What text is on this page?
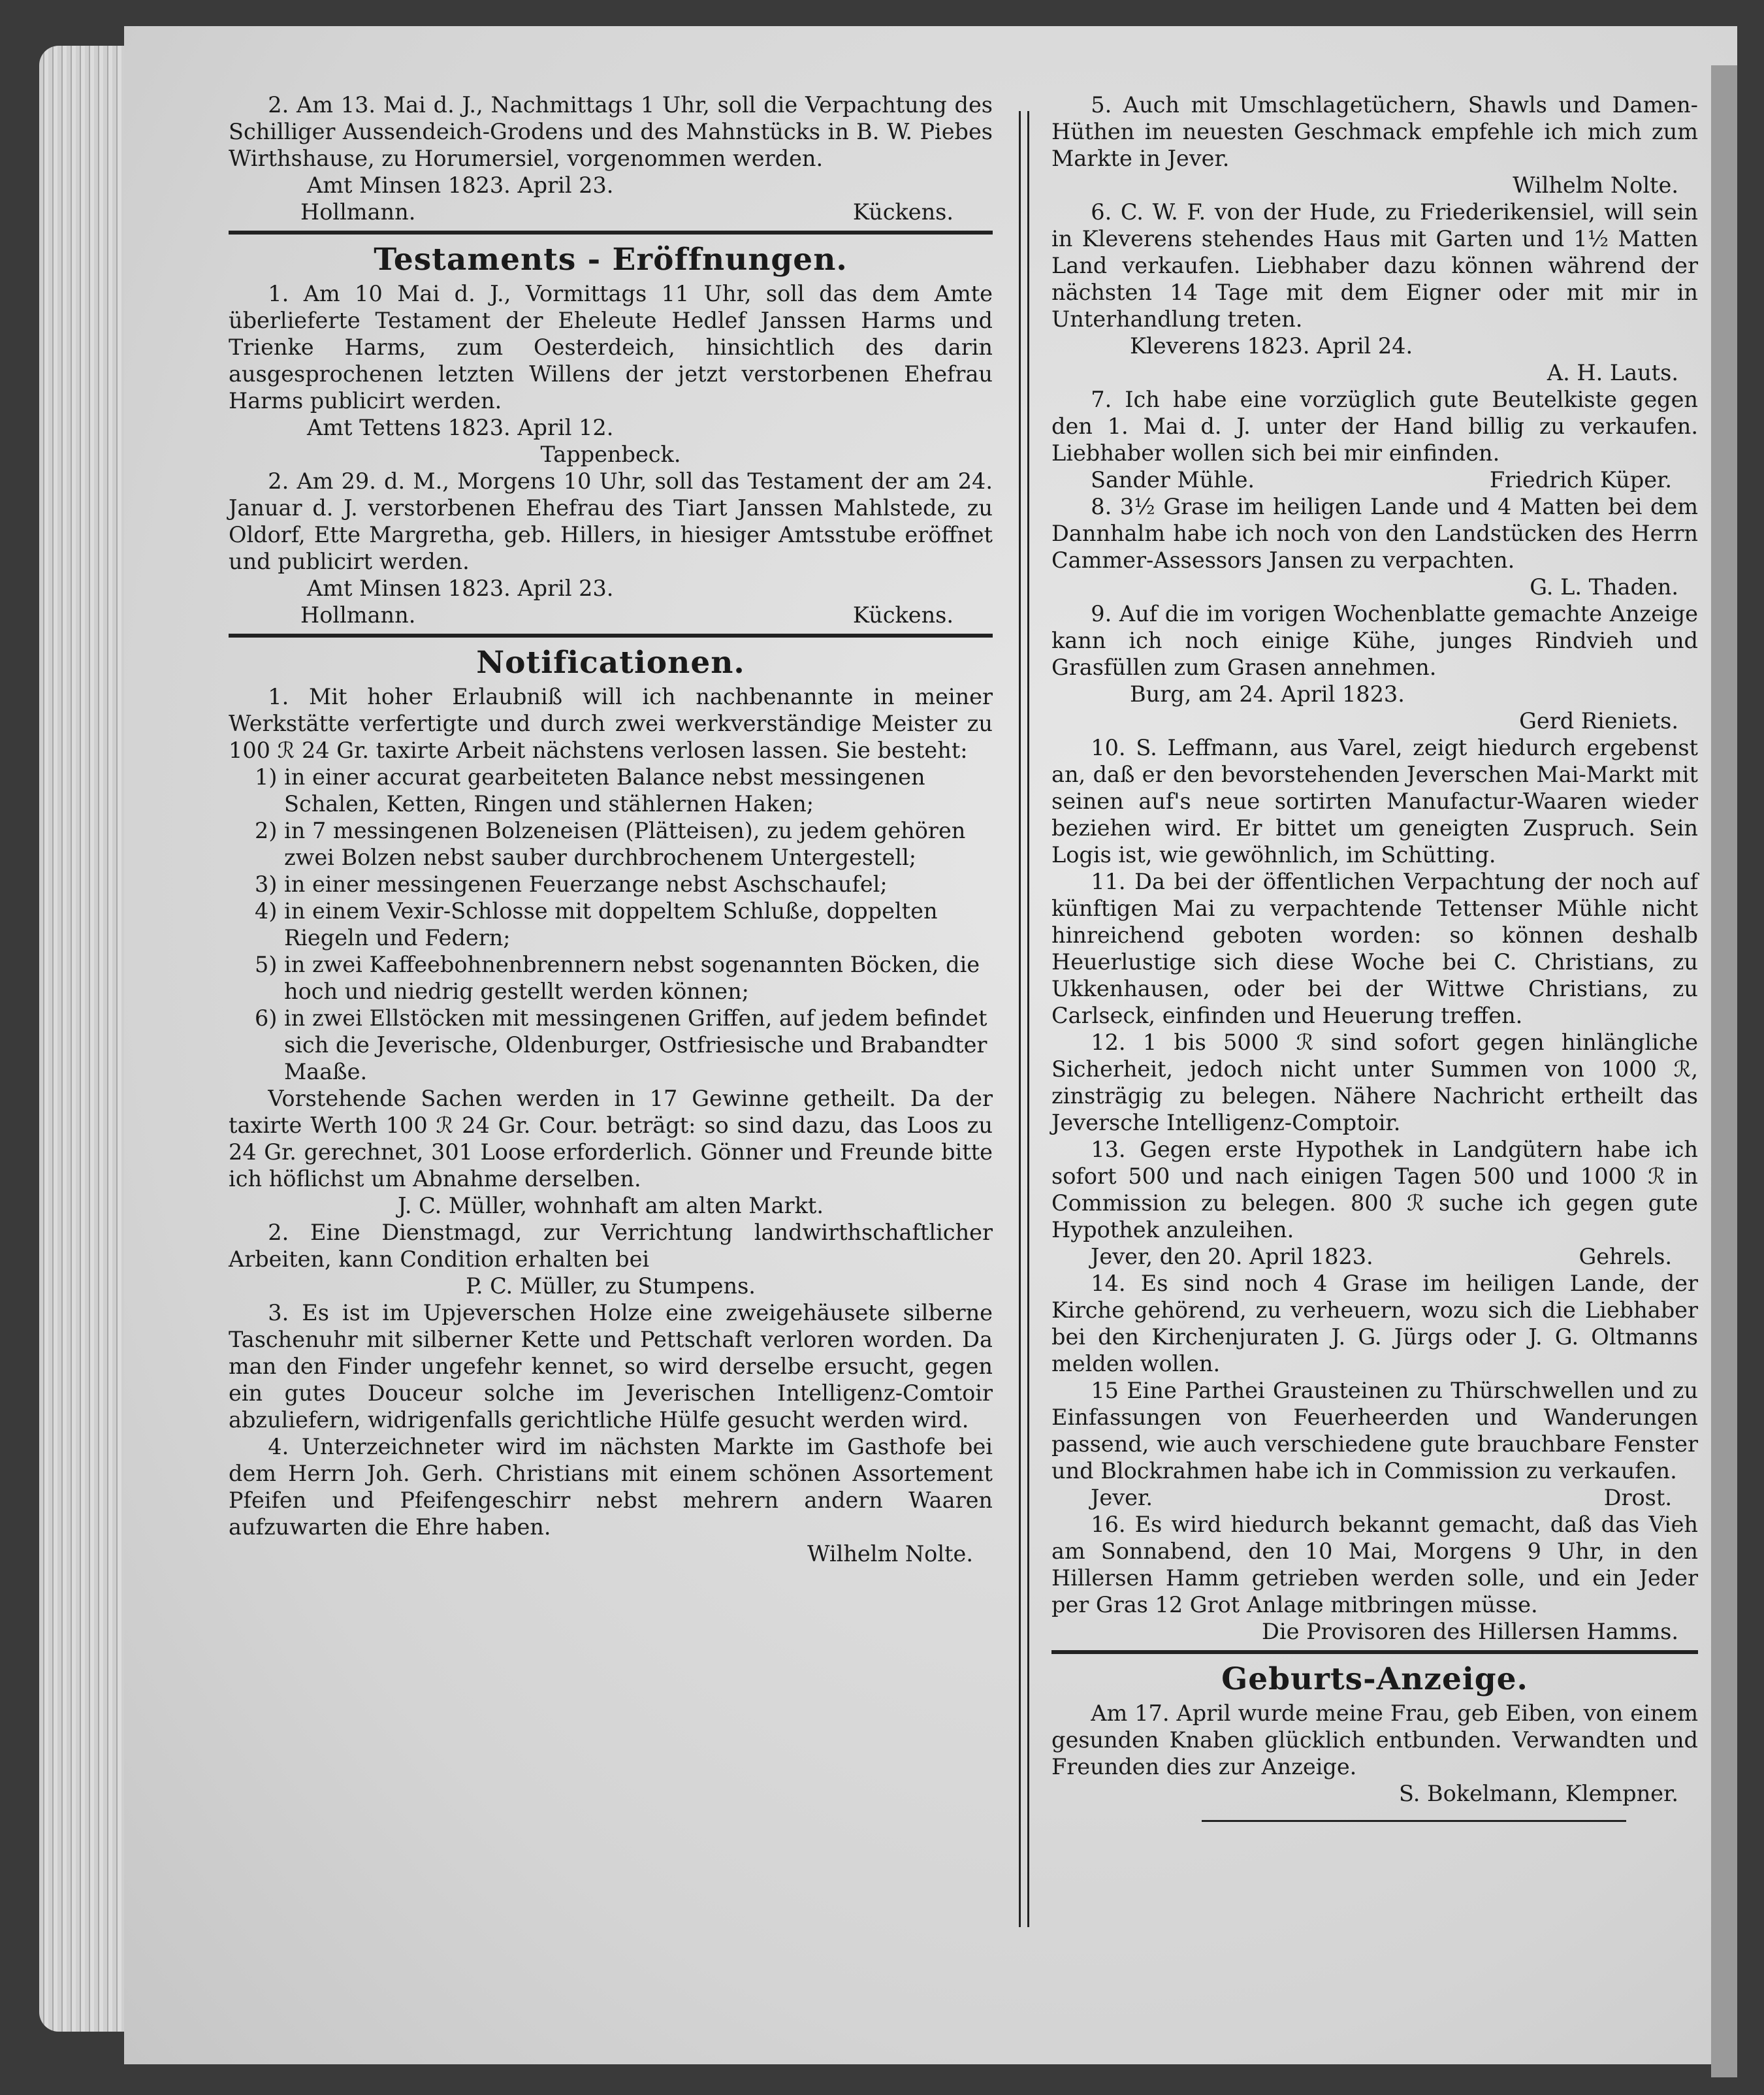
2. Am 13. Mai d. J., Nachmittags 1 Uhr, soll die Verpachtung des Schilliger Aussendeich-Grodens und des Mahnstücks in B. W. Piebes Wirthshause, zu Horumersiel, vorgenommen werden.

Amt Minsen 1823. April 23.

Hollmann.	Kückens.
Testaments - Eröffnungen.

1. Am 10 Mai d. J., Vormittags 11 Uhr, soll das dem Amte überlieferte Testament der Eheleute Hedlef Janssen Harms und Trienke Harms, zum Oesterdeich, hinsichtlich des darin ausgesprochenen letzten Willens der jetzt verstorbenen Ehefrau Harms publicirt werden.

Amt Tettens 1823. April 12.

Tappenbeck.

2. Am 29. d. M., Morgens 10 Uhr, soll das Testament der am 24. Januar d. J. verstorbenen Ehefrau des Tiart Janssen Mahlstede, zu Oldorf, Ette Margretha, geb. Hillers, in hiesiger Amtsstube eröffnet und publicirt werden.

Amt Minsen 1823. April 23.

Hollmann.	Kückens.
Notificationen.

1. Mit hoher Erlaubniß will ich nachbenannte in meiner Werkstätte verfertigte und durch zwei werkverständige Meister zu 100 ℛ 24 Gr. taxirte Arbeit nächstens verlosen lassen. Sie besteht:

1) in einer accurat gearbeiteten Balance nebst messingenen Schalen, Ketten, Ringen und stählernen Haken;

2) in 7 messingenen Bolzeneisen (Plätteisen), zu jedem gehören zwei Bolzen nebst sauber durchbrochenem Untergestell;

3) in einer messingenen Feuerzange nebst Aschschaufel;

4) in einem Vexir-Schlosse mit doppeltem Schluße, doppelten Riegeln und Federn;

5) in zwei Kaffeebohnenbrennern nebst sogenannten Böcken, die hoch und niedrig gestellt werden können;

6) in zwei Ellstöcken mit messingenen Griffen, auf jedem befindet sich die Jeverische, Oldenburger, Ostfriesische und Brabandter Maaße.

Vorstehende Sachen werden in 17 Gewinne getheilt. Da der taxirte Werth 100 ℛ 24 Gr. Cour. beträgt: so sind dazu, das Loos zu 24 Gr. gerechnet, 301 Loose erforderlich. Gönner und Freunde bitte ich höflichst um Abnahme derselben.

J. C. Müller, wohnhaft am alten Markt.

2. Eine Dienstmagd, zur Verrichtung landwirthschaftlicher Arbeiten, kann Condition erhalten bei

P. C. Müller, zu Stumpens.

3. Es ist im Upjeverschen Holze eine zweigehäusete silberne Taschenuhr mit silberner Kette und Pettschaft verloren worden. Da man den Finder ungefehr kennet, so wird derselbe ersucht, gegen ein gutes Douceur solche im Jeverischen Intelligenz-Comtoir abzuliefern, widrigenfalls gerichtliche Hülfe gesucht werden wird.

4. Unterzeichneter wird im nächsten Markte im Gasthofe bei dem Herrn Joh. Gerh. Christians mit einem schönen Assortement Pfeifen und Pfeifengeschirr nebst mehrern andern Waaren aufzuwarten die Ehre haben.

Wilhelm Nolte.

5. Auch mit Umschlagetüchern, Shawls und Damen-Hüthen im neuesten Geschmack empfehle ich mich zum Markte in Jever.

Wilhelm Nolte.

6. C. W. F. von der Hude, zu Friederikensiel, will sein in Kleverens stehendes Haus mit Garten und 1½ Matten Land verkaufen. Liebhaber dazu können während der nächsten 14 Tage mit dem Eigner oder mit mir in Unterhandlung treten.

Kleverens 1823. April 24.

A. H. Lauts.

7. Ich habe eine vorzüglich gute Beutelkiste gegen den 1. Mai d. J. unter der Hand billig zu verkaufen. Liebhaber wollen sich bei mir einfinden.

Sander Mühle.	Friedrich Küper.

8. 3½ Grase im heiligen Lande und 4 Matten bei dem Dannhalm habe ich noch von den Landstücken des Herrn Cammer-Assessors Jansen zu verpachten.

G. L. Thaden.

9. Auf die im vorigen Wochenblatte gemachte Anzeige kann ich noch einige Kühe, junges Rindvieh und Grasfüllen zum Grasen annehmen.

Burg, am 24. April 1823.

Gerd Rieniets.

10. S. Leffmann, aus Varel, zeigt hiedurch ergebenst an, daß er den bevorstehenden Jeverschen Mai-Markt mit seinen auf's neue sortirten Manufactur-Waaren wieder beziehen wird. Er bittet um geneigten Zuspruch. Sein Logis ist, wie gewöhnlich, im Schütting.

11. Da bei der öffentlichen Verpachtung der noch auf künftigen Mai zu verpachtende Tettenser Mühle nicht hinreichend geboten worden: so können deshalb Heuerlustige sich diese Woche bei C. Christians, zu Ukkenhausen, oder bei der Wittwe Christians, zu Carlseck, einfinden und Heuerung treffen.

12. 1 bis 5000 ℛ sind sofort gegen hinlängliche Sicherheit, jedoch nicht unter Summen von 1000 ℛ, zinsträgig zu belegen. Nähere Nachricht ertheilt das Jeversche Intelligenz-Comptoir.

13. Gegen erste Hypothek in Landgütern habe ich sofort 500 und nach einigen Tagen 500 und 1000 ℛ in Commission zu belegen. 800 ℛ suche ich gegen gute Hypothek anzuleihen.

Jever, den 20. April 1823.	Gehrels.

14. Es sind noch 4 Grase im heiligen Lande, der Kirche gehörend, zu verheuern, wozu sich die Liebhaber bei den Kirchenjuraten J. G. Jürgs oder J. G. Oltmanns melden wollen.

15 Eine Parthei Grausteinen zu Thürschwellen und zu Einfassungen von Feuerheerden und Wanderungen passend, wie auch verschiedene gute brauchbare Fenster und Blockrahmen habe ich in Commission zu verkaufen.

Jever.	Drost.

16. Es wird hiedurch bekannt gemacht, daß das Vieh am Sonnabend, den 10 Mai, Morgens 9 Uhr, in den Hillersen Hamm getrieben werden solle, und ein Jeder per Gras 12 Grot Anlage mitbringen müsse.

Die Provisoren des Hillersen Hamms.

Geburts-Anzeige.

Am 17. April wurde meine Frau, geb Eiben, von einem gesunden Knaben glücklich entbunden. Verwandten und Freunden dies zur Anzeige.

S. Bokelmann, Klempner.
